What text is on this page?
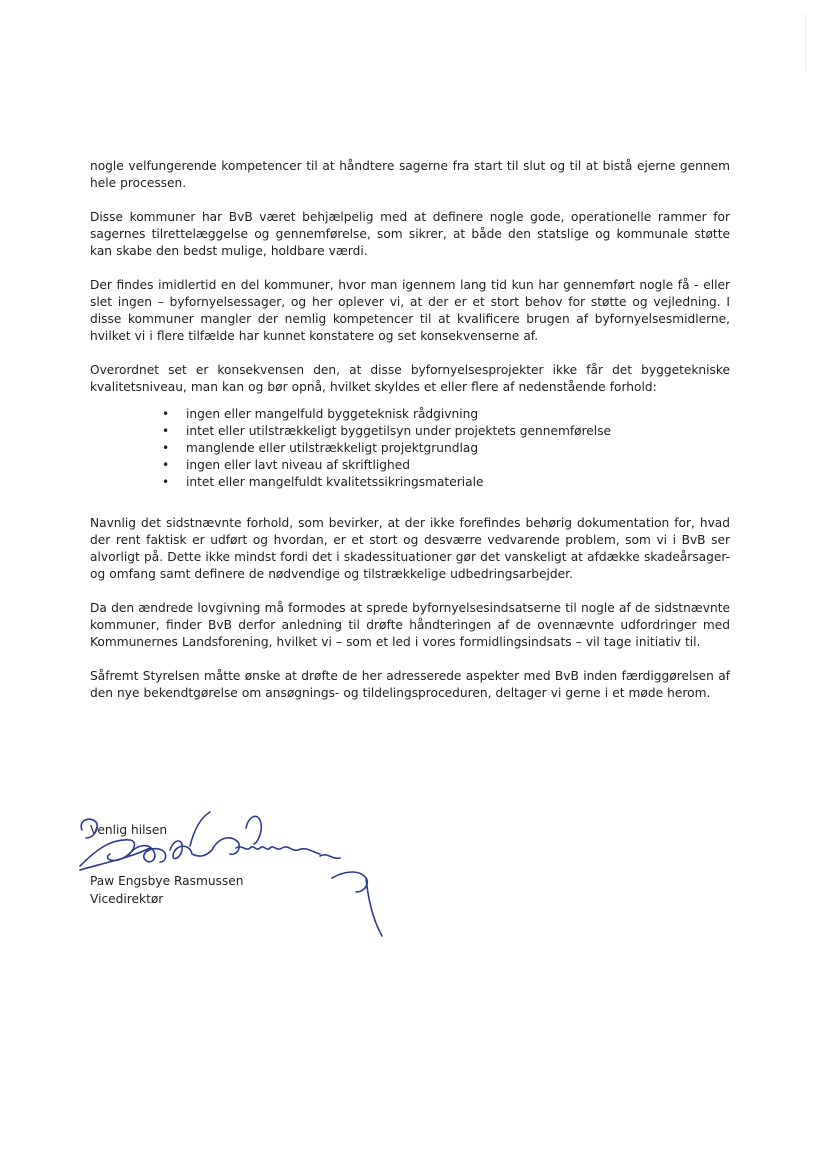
nogle velfungerende kompetencer til at håndtere sagerne fra start til slut og til at bistå ejerne gennem hele processen.

Disse kommuner har BvB været behjælpelig med at definere nogle gode, operationelle rammer for sagernes tilrettelæggelse og gennemførelse, som sikrer, at både den statslige og kommunale støtte kan skabe den bedst mulige, holdbare værdi.

Der findes imidlertid en del kommuner, hvor man igennem lang tid kun har gennemført nogle få - eller slet ingen – byfornyelsessager, og her oplever vi, at der er et stort behov for støtte og vejledning. I disse kommuner mangler der nemlig kompetencer til at kvalificere brugen af byfornyelsesmidlerne, hvilket vi i flere tilfælde har kunnet konstatere og set konsekvenserne af.

Overordnet set er konsekvensen den, at disse byfornyelsesprojekter ikke får det byggetekniske kvalitetsniveau, man kan og bør opnå, hvilket skyldes et eller flere af nedenstående forhold:

• ingen eller mangelfuld byggeteknisk rådgivning
• intet eller utilstrækkeligt byggetilsyn under projektets gennemførelse
• manglende eller utilstrækkeligt projektgrundlag
• ingen eller lavt niveau af skriftlighed
• intet eller mangelfuldt kvalitetssikringsmateriale

Navnlig det sidstnævnte forhold, som bevirker, at der ikke forefindes behørig dokumentation for, hvad der rent faktisk er udført og hvordan, er et stort og desværre vedvarende problem, som vi i BvB ser alvorligt på. Dette ikke mindst fordi det i skadessituationer gør det vanskeligt at afdække skadeårsager- og omfang samt definere de nødvendige og tilstrækkelige udbedringsarbejder.

Da den ændrede lovgivning må formodes at sprede byfornyelsesindsatserne til nogle af de sidstnævnte kommuner, finder BvB derfor anledning til drøfte håndteringen af de ovennævnte udfordringer med Kommunernes Landsforening, hvilket vi – som et led i vores formidlingsindsats – vil tage initiativ til.

Såfremt Styrelsen måtte ønske at drøfte de her adresserede aspekter med BvB inden færdiggørelsen af den nye bekendtgørelse om ansøgnings- og tildelingsproceduren, deltager vi gerne i et møde herom.

Venlig hilsen
Paw Engsbye Rasmussen
Vicedirektør
